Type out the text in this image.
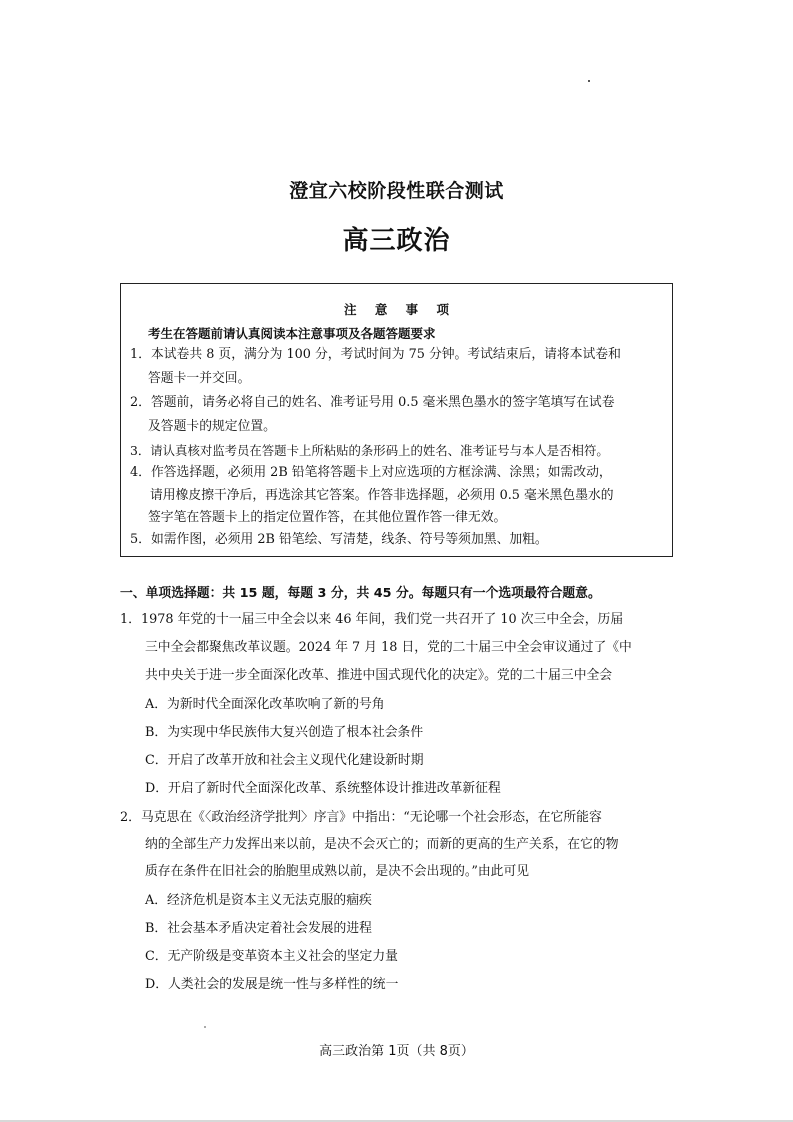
澄宜六校阶段性联合测试
高三政治
注 意 事 项
考生在答题前请认真阅读本注意事项及各题答题要求
1．本试卷共 8 页，满分为 100 分，考试时间为 75 分钟。考试结束后，请将本试卷和
答题卡一并交回。
2．答题前，请务必将自己的姓名、准考证号用 0.5 毫米黑色墨水的签字笔填写在试卷
及答题卡的规定位置。
3．请认真核对监考员在答题卡上所粘贴的条形码上的姓名、准考证号与本人是否相符。
4．作答选择题，必须用 2B 铅笔将答题卡上对应选项的方框涂满、涂黑；如需改动，
请用橡皮擦干净后，再选涂其它答案。作答非选择题，必须用 0.5 毫米黑色墨水的
签字笔在答题卡上的指定位置作答，在其他位置作答一律无效。
5．如需作图，必须用 2B 铅笔绘、写清楚，线条、符号等须加黑、加粗。
一、单项选择题：共 15 题，每题 3 分，共 45 分。每题只有一个选项最符合题意。
1．1978 年党的十一届三中全会以来 46 年间，我们党一共召开了 10 次三中全会，历届
三中全会都聚焦改革议题。2024 年 7 月 18 日，党的二十届三中全会审议通过了《中
共中央关于进一步全面深化改革、推进中国式现代化的决定》。党的二十届三中全会
A．为新时代全面深化改革吹响了新的号角
B．为实现中华民族伟大复兴创造了根本社会条件
C．开启了改革开放和社会主义现代化建设新时期
D．开启了新时代全面深化改革、系统整体设计推进改革新征程
2．马克思在《〈政治经济学批判〉序言》中指出：“无论哪一个社会形态，在它所能容
纳的全部生产力发挥出来以前，是决不会灭亡的；而新的更高的生产关系，在它的物
质存在条件在旧社会的胎胞里成熟以前，是决不会出现的。”由此可见
A．经济危机是资本主义无法克服的痼疾
B．社会基本矛盾决定着社会发展的进程
C．无产阶级是变革资本主义社会的坚定力量
D．人类社会的发展是统一性与多样性的统一
高三政治第 1页（共 8页）
